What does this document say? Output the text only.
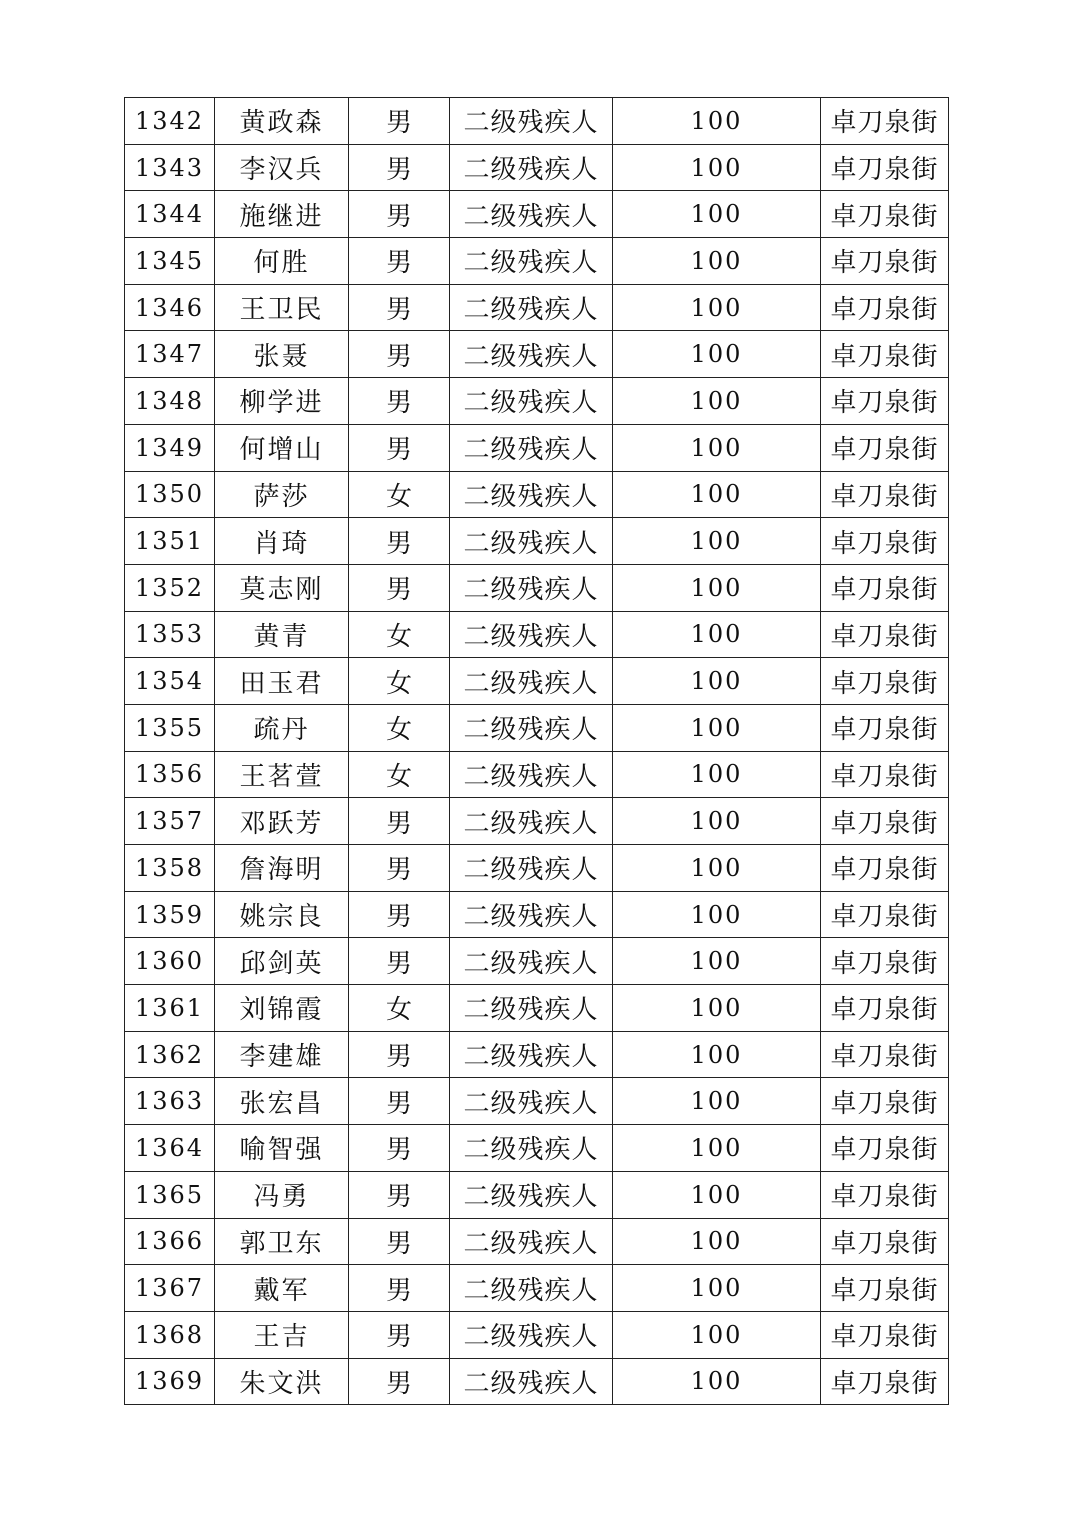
1342	黄政森	男	二级残疾人	100	卓刀泉街
1343	李汉兵	男	二级残疾人	100	卓刀泉街
1344	施继进	男	二级残疾人	100	卓刀泉街
1345	何胜	男	二级残疾人	100	卓刀泉街
1346	王卫民	男	二级残疾人	100	卓刀泉街
1347	张聂	男	二级残疾人	100	卓刀泉街
1348	柳学进	男	二级残疾人	100	卓刀泉街
1349	何增山	男	二级残疾人	100	卓刀泉街
1350	萨莎	女	二级残疾人	100	卓刀泉街
1351	肖琦	男	二级残疾人	100	卓刀泉街
1352	莫志刚	男	二级残疾人	100	卓刀泉街
1353	黄青	女	二级残疾人	100	卓刀泉街
1354	田玉君	女	二级残疾人	100	卓刀泉街
1355	疏丹	女	二级残疾人	100	卓刀泉街
1356	王茗萱	女	二级残疾人	100	卓刀泉街
1357	邓跃芳	男	二级残疾人	100	卓刀泉街
1358	詹海明	男	二级残疾人	100	卓刀泉街
1359	姚宗良	男	二级残疾人	100	卓刀泉街
1360	邱剑英	男	二级残疾人	100	卓刀泉街
1361	刘锦霞	女	二级残疾人	100	卓刀泉街
1362	李建雄	男	二级残疾人	100	卓刀泉街
1363	张宏昌	男	二级残疾人	100	卓刀泉街
1364	喻智强	男	二级残疾人	100	卓刀泉街
1365	冯勇	男	二级残疾人	100	卓刀泉街
1366	郭卫东	男	二级残疾人	100	卓刀泉街
1367	戴军	男	二级残疾人	100	卓刀泉街
1368	王吉	男	二级残疾人	100	卓刀泉街
1369	朱文洪	男	二级残疾人	100	卓刀泉街
